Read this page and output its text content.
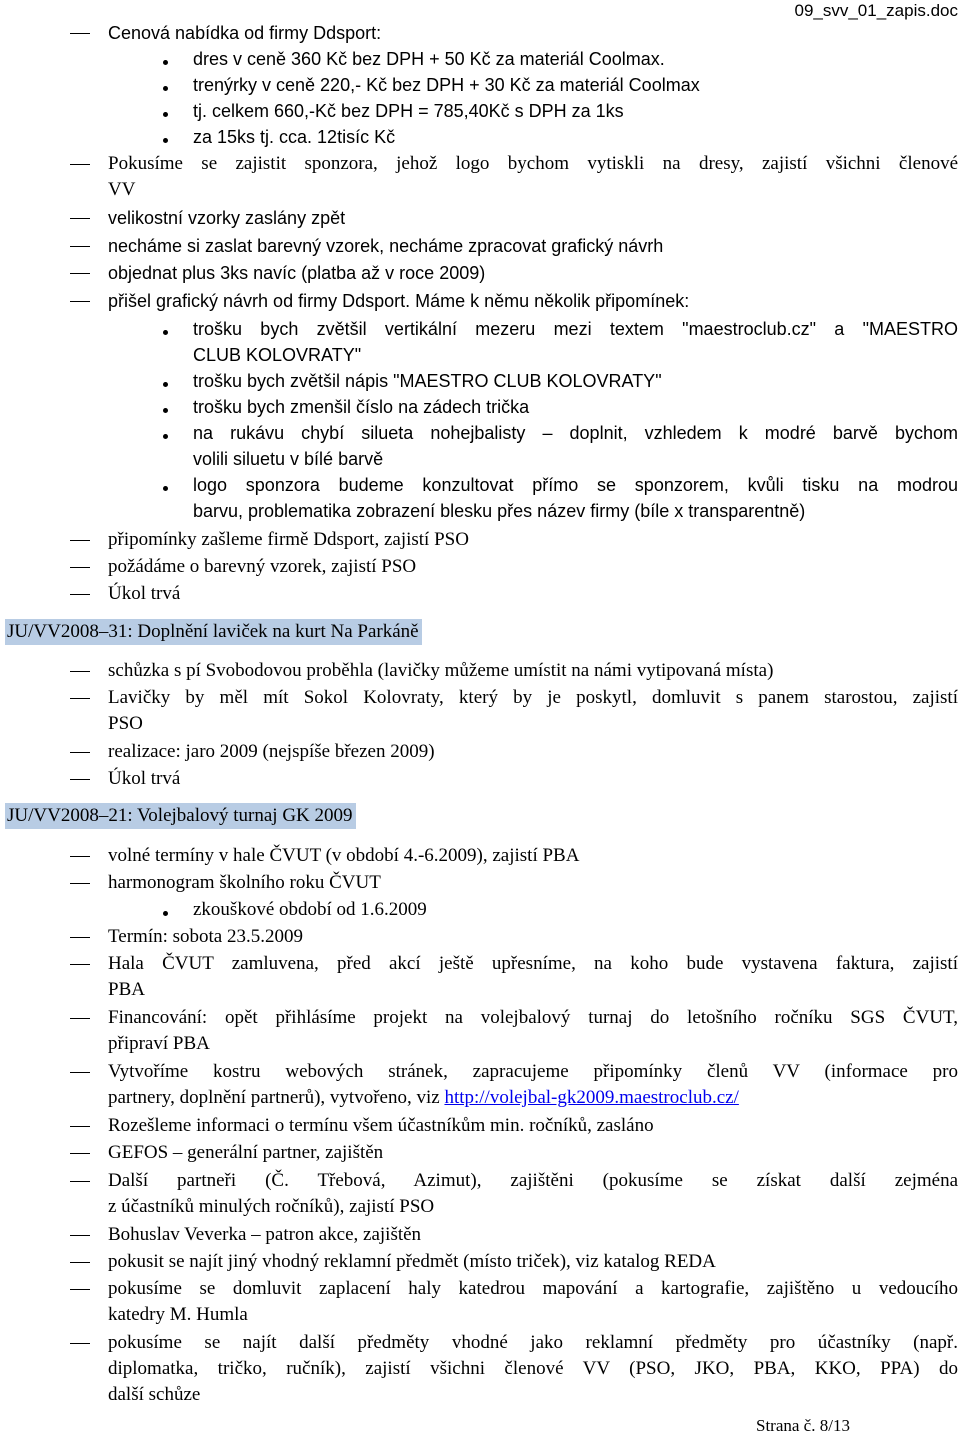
09_svv_01_zapis.doc
Cenová nabídka od firmy Ddsport:
dres v ceně 360 Kč bez DPH + 50 Kč za materiál Coolmax.
trenýrky v ceně 220,- Kč bez DPH + 30 Kč za materiál Coolmax
tj. celkem 660,-Kč bez DPH = 785,40Kč s DPH za 1ks
za 15ks tj. cca. 12tisíc Kč
Pokusíme se zajistit sponzora, jehož logo bychom vytiskli na dresy, zajistí všichni členové
VV
velikostní vzorky zaslány zpět
necháme si zaslat barevný vzorek, necháme zpracovat grafický návrh
objednat plus 3ks navíc (platba až v roce 2009)
přišel grafický návrh od firmy Ddsport. Máme k němu několik připomínek:
trošku bych zvětšil vertikální mezeru mezi textem "maestroclub.cz" a "MAESTRO
CLUB KOLOVRATY"
trošku bych zvětšil nápis "MAESTRO CLUB KOLOVRATY"
trošku bych zmenšil číslo na zádech trička
na rukávu chybí silueta nohejbalisty – doplnit, vzhledem k modré barvě bychom
volili siluetu v bílé barvě
logo sponzora budeme konzultovat přímo se sponzorem, kvůli tisku na modrou
barvu, problematika zobrazení blesku přes název firmy (bíle x transparentně)
připomínky zašleme firmě Ddsport, zajistí PSO
požádáme o barevný vzorek, zajistí PSO
Úkol trvá
JU/VV2008–31: Doplnění laviček na kurt Na Parkáně
schůzka s pí Svobodovou proběhla (lavičky můžeme umístit na námi vytipovaná místa)
Lavičky by měl mít Sokol Kolovraty, který by je poskytl, domluvit s panem starostou, zajistí
PSO
realizace: jaro 2009 (nejspíše březen 2009)
Úkol trvá
JU/VV2008–21: Volejbalový turnaj GK 2009
volné termíny v hale ČVUT (v období 4.-6.2009), zajistí PBA
harmonogram školního roku ČVUT
zkouškové období od 1.6.2009
Termín: sobota 23.5.2009
Hala ČVUT zamluvena, před akcí ještě upřesníme, na koho bude vystavena faktura, zajistí
PBA
Financování: opět přihlásíme projekt na volejbalový turnaj do letošního ročníku SGS ČVUT,
připraví PBA
Vytvoříme kostru webových stránek, zapracujeme připomínky členů VV (informace pro
partnery, doplnění partnerů), vytvořeno, viz http://volejbal-gk2009.maestroclub.cz/
Rozešleme informaci o termínu všem účastníkům min. ročníků, zasláno
GEFOS – generální partner, zajištěn
Další partneři (Č. Třebová, Azimut), zajištěni (pokusíme se získat další zejména
z účastníků minulých ročníků), zajistí PSO
Bohuslav Veverka – patron akce, zajištěn
pokusit se najít jiný vhodný reklamní předmět (místo triček), viz katalog REDA
pokusíme se domluvit zaplacení haly katedrou mapování a kartografie, zajištěno u vedoucího
katedry M. Humla
pokusíme se najít další předměty vhodné jako reklamní předměty pro účastníky (např.
diplomatka, tričko, ručník), zajistí všichni členové VV (PSO, JKO, PBA, KKO, PPA) do
další schůze
Strana č. 8/13
